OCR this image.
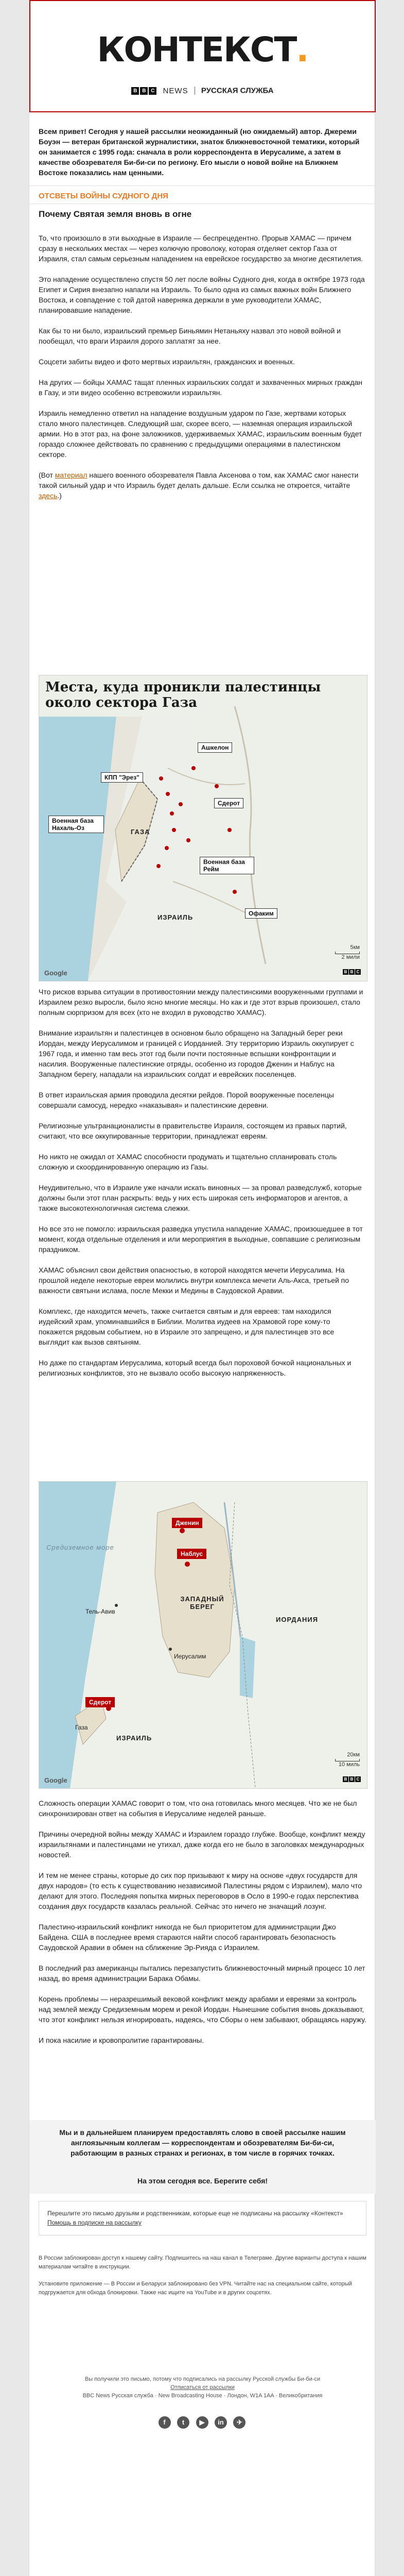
КОНТЕКСТ.
B B C NEWS РУССКАЯ СЛУЖБА

Всем привет! Сегодня у нашей рассылки неожиданный (но ожидаемый) автор. Джереми Боуэн — ветеран британской журналистики, знаток ближневосточной тематики, который он занимается с 1995 года: сначала в роли корреспондента в Иерусалиме, а затем в качестве обозревателя Би-би-си по региону. Его мысли о новой войне на Ближнем Востоке показались нам ценными.

ОТСВЕТЫ ВОЙНЫ СУДНОГО ДНЯ
Почему Святая земля вновь в огне

То, что произошло в эти выходные в Израиле — беспрецедентно. Прорыв ХАМАС — причем сразу в нескольких местах — через колючую проволоку, которая отделяет сектор Газа от Израиля, стал самым серьезным нападением на еврейское государство за многие десятилетия.

Это нападение осуществлено спустя 50 лет после войны Судного дня, когда в октябре 1973 года Египет и Сирия внезапно напали на Израиль. То было одна из самых важных войн Ближнего Востока, и совпадение с той датой наверняка держали в уме руководители ХАМАС, планировавшие нападение.

Как бы то ни было, израильский премьер Биньямин Нетаньяху назвал это новой войной и пообещал, что враги Израиля дорого заплатят за нее.

Соцсети забиты видео и фото мертвых израильтян, гражданских и военных.

На других — бойцы ХАМАС тащат пленных израильских солдат и захваченных мирных граждан в Газу, и эти видео особенно встревожили израильтян.

Израиль немедленно ответил на нападение воздушным ударом по Газе, жертвами которых стало много палестинцев. Следующий шаг, скорее всего, — наземная операция израильской армии. Но в этот раз, на фоне заложников, удерживаемых ХАМАС, израильским военным будет гораздо сложнее действовать по сравнению с предыдущими операциями в палестинском секторе.

(Вот материал нашего военного обозревателя Павла Аксенова о том, как ХАМАС смог нанести такой сильный удар и что Израиль будет делать дальше. Если ссылка не откроется, читайте здесь.)

Места, куда проникли палестинцы около сектора Газа
Ашкелон
КПП "Эрез"
Сдерот
Военная база Нахаль-Оз
Военная база Рейм
Офаким
ГАЗА
ИЗРАИЛЬ
5км
2 мили
Google	B B C

Что рисков взрыва ситуации в противостоянии между палестинскими вооруженными группами и Израилем резко выросли, было ясно многие месяцы. Но как и где этот взрыв произошел, стало полным сюрпризом для всех (кто не входил в руководство ХАМАС).

Внимание израильтян и палестинцев в основном было обращено на Западный берег реки Иордан, между Иерусалимом и границей с Иорданией. Эту территорию Израиль оккупирует с 1967 года, и именно там весь этот год были почти постоянные вспышки конфронтации и насилия. Вооруженные палестинские отряды, особенно из городов Дженин и Наблус на Западном берегу, нападали на израильских солдат и еврейских поселенцев.

В ответ израильская армия проводила десятки рейдов. Порой вооруженные поселенцы совершали самосуд, нередко «наказывая» и палестинские деревни.

Религиозные ультранационалисты в правительстве Израиля, состоящем из правых партий, считают, что все оккупированные территории, принадлежат евреям.

Но никто не ожидал от ХАМАС способности продумать и тщательно спланировать столь сложную и скоординированную операцию из Газы.

Неудивительно, что в Израиле уже начали искать виновных — за провал разведслужб, которые должны были этот план раскрыть: ведь у них есть широкая сеть информаторов и агентов, а также высокотехнологичная система слежки.

Но все это не помогло: израильская разведка упустила нападение ХАМАС, произошедшее в тот момент, когда отдельные отделения и или мероприятия в выходные, совпавшие с религиозным праздником.

ХАМАС объяснил свои действия опасностью, в которой находятся мечети Иерусалима. На прошлой неделе некоторые евреи молились внутри комплекса мечети Аль-Акса, третьей по важности святыни ислама, после Мекки и Медины в Саудовской Аравии.

Комплекс, где находится мечеть, также считается святым и для евреев: там находился иудейский храм, упоминавшийся в Библии. Молитва иудеев на Храмовой горе кому-то покажется рядовым событием, но в Израиле это запрещено, и для палестинцев это все выглядит как вызов святыням.

Но даже по стандартам Иерусалима, который всегда был пороховой бочкой национальных и религиозных конфликтов, это не вызвало особо высокую напряженность.

Дженин
Наблус
Сдерот
ЗАПАДНЫЙ БЕРЕГ
ИОРДАНИЯ
ИЗРАИЛЬ
Тель-Авив
Иерусалим
Газа
Средиземное море
20км
10 миль
Google	B B C

Сложность операции ХАМАС говорит о том, что она готовилась много месяцев. Что же не был синхронизирован ответ на события в Иерусалиме неделей раньше.

Причины очередной войны между ХАМАС и Израилем гораздо глубже. Вообще, конфликт между израильтянами и палестинцами не утихал, даже когда его не было в заголовках международных новостей.

И тем не менее страны, которые до сих пор призывают к миру на основе «двух государств для двух народов» (то есть к существованию независимой Палестины рядом с Израилем), мало что делают для этого. Последняя попытка мирных переговоров в Осло в 1990-е годах перспектива создания двух государств казалась реальной. Сейчас это ничего не значащий лозунг.

Палестино-израильский конфликт никогда не был приоритетом для администрации Джо Байдена. США в последнее время стараются найти способ гарантировать безопасность Саудовской Аравии в обмен на сближение Эр-Рияда с Израилем.

В последний раз американцы пытались перезапустить ближневосточный мирный процесс 10 лет назад, во время администрации Барака Обамы.

Корень проблемы — неразрешимый вековой конфликт между арабами и евреями за контроль над землей между Средиземным морем и рекой Иордан. Нынешние события вновь доказывают, что этот конфликт нельзя игнорировать, надеясь, что Сборы о нем забывают, обращаясь наружу.

И пока насилие и кровопролитие гарантированы.

Мы и в дальнейшем планируем предоставлять слово в своей рассылке нашим англоязычным коллегам — корреспондентам и обозревателям Би-би-си, работающим в разных странах и регионах, в том числе в горячих точках.
На этом сегодня все. Берегите себя!
Перешлите это письмо друзьям и родственникам, которые еще не подписаны на рассылку «Контекст»
Помощь в подписке на рассылку

В России заблокирован доступ к нашему сайту. Подпишитесь на наш канал в Телеграме. Другие варианты доступа к нашим материалам читайте в инструкции.

Установите приложение — В России и Беларуси заблокировано без VPN. Читайте нас на специальном сайте, который подгружается для обхода блокировки. Также нас ищите на YouTube и в других соцсетях.

Вы получили это письмо, потому что подписались на рассылку Русской службы Би-би-си
Отписаться от рассылки
BBC News Русская служба · New Broadcasting House · Лондон, W1A 1AA · Великобритания
f t ▶ in ✈
